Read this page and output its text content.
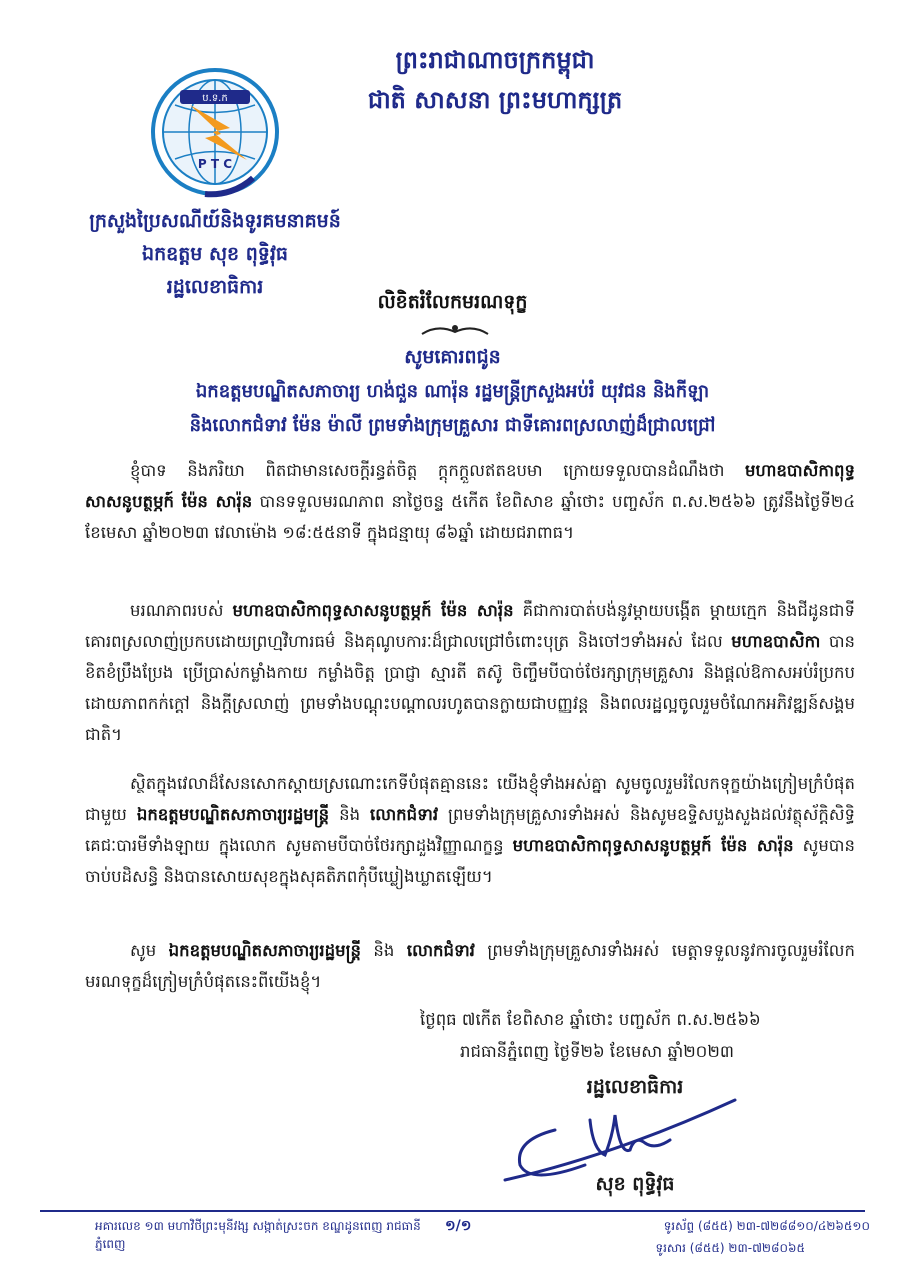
ព្រះរាជាណាចក្រកម្ពុជា
ជាតិ សាសនា ព្រះមហាក្សត្រ
ប.ទ.ក
P T C
ក្រសួងប្រៃសណីយ៍និងទូរគមនាគមន៍
ឯកឧត្តម សុខ ពុទ្ធិវុធ
រដ្ឋលេខាធិការ
លិខិតរំលែកមរណទុក្ខ
សូមគោរពជូន
ឯកឧត្តមបណ្ឌិតសភាចារ្យ ហង់ជួន ណារ៉ុន រដ្ឋមន្ត្រីក្រសួងអប់រំ យុវជន និងកីឡា
និងលោកជំទាវ ម៉ែន ម៉ាលី ព្រមទាំងក្រុមគ្រួសារ ជាទីគោរពស្រលាញ់ដ៏ជ្រាលជ្រៅ
ខ្ញុំបាទ និងភរិយា ពិតជាមានសេចក្តីរន្ធត់ចិត្ត ក្តុកក្តួលឥតឧបមា ក្រោយទទួលបានដំណឹងថា មហាឧបាសិកាពុទ្ធសាសនូបត្ថម្ភក៍ ម៉ែន សារ៉ុន បានទទួលមរណភាព នាថ្ងៃចន្ទ ៥កើត ខែពិសាខ ឆ្នាំថោះ បញ្ចស័ក ព.ស.២៥៦៦ ត្រូវនឹងថ្ងៃទី២៤ ខែមេសា ឆ្នាំ២០២៣ វេលាម៉ោង ១៨:៥៥នាទី ក្នុងជន្មាយុ ៨៦ឆ្នាំ ដោយជរាពាធ។
មរណភាពរបស់ មហាឧបាសិកាពុទ្ធសាសនូបត្ថម្ភក៍ ម៉ែន សារ៉ុន គឺជាការបាត់បង់នូវម្តាយបង្កើត ម្តាយក្មេក និងជីដូនជាទីគោរពស្រលាញ់ប្រកបដោយព្រហ្មវិហារធម៌ និងគុណូបការៈដ៏ជ្រាលជ្រៅចំពោះបុត្រ និងចៅៗទាំងអស់ ដែល មហាឧបាសិកា បានខិតខំប្រឹងប្រែង ប្រើប្រាស់កម្លាំងកាយ កម្លាំងចិត្ត ប្រាជ្ញា ស្មារតី តស៊ូ ចិញ្ចឹមបីបាច់ថែរក្សាក្រុមគ្រួសារ និងផ្តល់ឱកាសអប់រំប្រកបដោយភាពកក់ក្តៅ និងក្តីស្រលាញ់ ព្រមទាំងបណ្តុះបណ្តាលរហូតបានក្លាយជាបញ្ញវន្ត និងពលរដ្ឋល្អចូលរួមចំណែកអភិវឌ្ឍន៍សង្គមជាតិ។
ស្ថិតក្នុងវេលាដ៏សែនសោកស្តាយស្រណោះកេទីបំផុតគ្មាននេះ យើងខ្ញុំទាំងអស់គ្នា សូមចូលរួមរំលែកទុក្ខយ៉ាងក្រៀមក្រំបំផុតជាមួយ ឯកឧត្តមបណ្ឌិតសភាចារ្យរដ្ឋមន្ត្រី និង លោកជំទាវ ព្រមទាំងក្រុមគ្រួសារទាំងអស់ និងសូមឧទ្ទិសបួងសួងដល់វត្ថុស័ក្តិសិទ្ធិ គេជៈបារមីទាំងឡាយ ក្នុងលោក សូមតាមបីបាច់ថែរក្សាដួងវិញ្ញាណក្ខន្ធ មហាឧបាសិកាពុទ្ធសាសនូបត្ថម្ភក៍ ម៉ែន សារ៉ុន សូមបានចាប់បដិសន្ធិ និងបានសោយសុខក្នុងសុគតិភពកុំបីឃ្លៀងឃ្លាតឡើយ។
សូម ឯកឧត្តមបណ្ឌិតសភាចារ្យរដ្ឋមន្ត្រី និង លោកជំទាវ ព្រមទាំងក្រុមគ្រួសារទាំងអស់ មេត្តាទទួលនូវការចូលរួមរំលែកមរណទុក្ខដ៏ក្រៀមក្រំបំផុតនេះពីយើងខ្ញុំ។
ថ្ងៃពុធ ៧កើត ខែពិសាខ ឆ្នាំថោះ បញ្ចស័ក ព.ស.២៥៦៦
រាជធានីភ្នំពេញ ថ្ងៃទី២៦ ខែមេសា ឆ្នាំ២០២៣
រដ្ឋលេខាធិការ
សុខ ពុទ្ធិវុធ
អគារលេខ ១៣ មហាវិថីព្រះមុនីវង្ស សង្កាត់ស្រះចក ខណ្ឌដូនពេញ រាជធានីភ្នំពេញ
១/១	ទូរស័ព្ទ (៨៥៥) ២៣-៧២៨៨១០/៤២៦៥១០
ទូរសារ (៨៥៥) ២៣-៧២៨០៦៥
